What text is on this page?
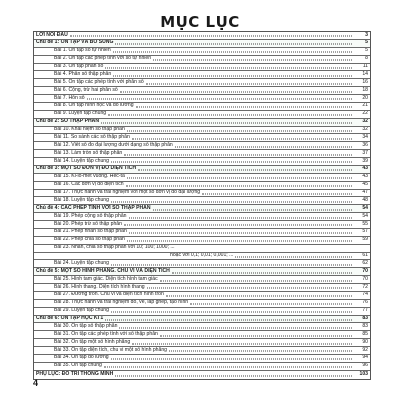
MỤC LỤC
LỜI NÓI ĐẦU	3
Chủ đề 1: ÔN TẬP VÀ BỔ SUNG	5
Bài 1. Ôn tập số tự nhiên	5
Bài 2. Ôn tập các phép tính với số tự nhiên	8
Bài 3. Ôn tập phân số	11
Bài 4. Phân số thập phân	14
Bài 5. Ôn tập các phép tính với phân số	16
Bài 6. Cộng, trừ hai phân số	18
Bài 7. Hỗn số	20
Bài 8. Ôn tập hình học và đo lường	21
Bài 9. Luyện tập chung	22
Chủ đề 2: SỐ THẬP PHÂN	32
Bài 10. Khái niệm số thập phân	32
Bài 11. So sánh các số thập phân	34
Bài 12. Viết số đo đại lượng dưới dạng số thập phân	36
Bài 13. Làm tròn số thập phân	37
Bài 14. Luyện tập chung	39
Chủ đề 3: MỘT SỐ ĐƠN VỊ ĐO DIỆN TÍCH	43
Bài 15. Ki-lô-mét vuông. Héc-ta	43
Bài 16. Các đơn vị đo diện tích	45
Bài 17. Thực hành và trải nghiệm với một số đơn vị đo đại lượng	47
Bài 18. Luyện tập chung	48
Chủ đề 4: CÁC PHÉP TÍNH VỚI SỐ THẬP PHÂN	54
Bài 19. Phép cộng số thập phân	54
Bài 20. Phép trừ số thập phân	55
Bài 21. Phép nhân số thập phân	57
Bài 22. Phép chia số thập phân	59
Bài 23. Nhân, chia số thập phân với 10; 100; 1000; ...
hoặc với 0,1; 0,01; 0,001; ...	61
Bài 24. Luyện tập chung	62
Chủ đề 5: MỘT SỐ HÌNH PHẲNG. CHU VI VÀ DIỆN TÍCH	70
Bài 25. Hình tam giác. Diện tích hình tam giác	70
Bài 26. Hình thang. Diện tích hình thang	72
Bài 27. Đường tròn. Chu vi và diện tích hình tròn	74
Bài 28. Thực hành và trải nghiệm đo, vẽ, lắp ghép, tạo hình	76
Bài 29. Luyện tập chung	77
Chủ đề 6: ÔN TẬP HỌC KÌ 1	83
Bài 30. Ôn tập số thập phân	83
Bài 31. Ôn tập các phép tính với số thập phân	85
Bài 32. Ôn tập một số hình phẳng	90
Bài 33. Ôn tập diện tích, chu vi một số hình phẳng	92
Bài 34. Ôn tập đo lường	94
Bài 35. Ôn tập chung	96
PHỤ LỤC: ĐỐ TRÍ THÔNG MINH	103
4
